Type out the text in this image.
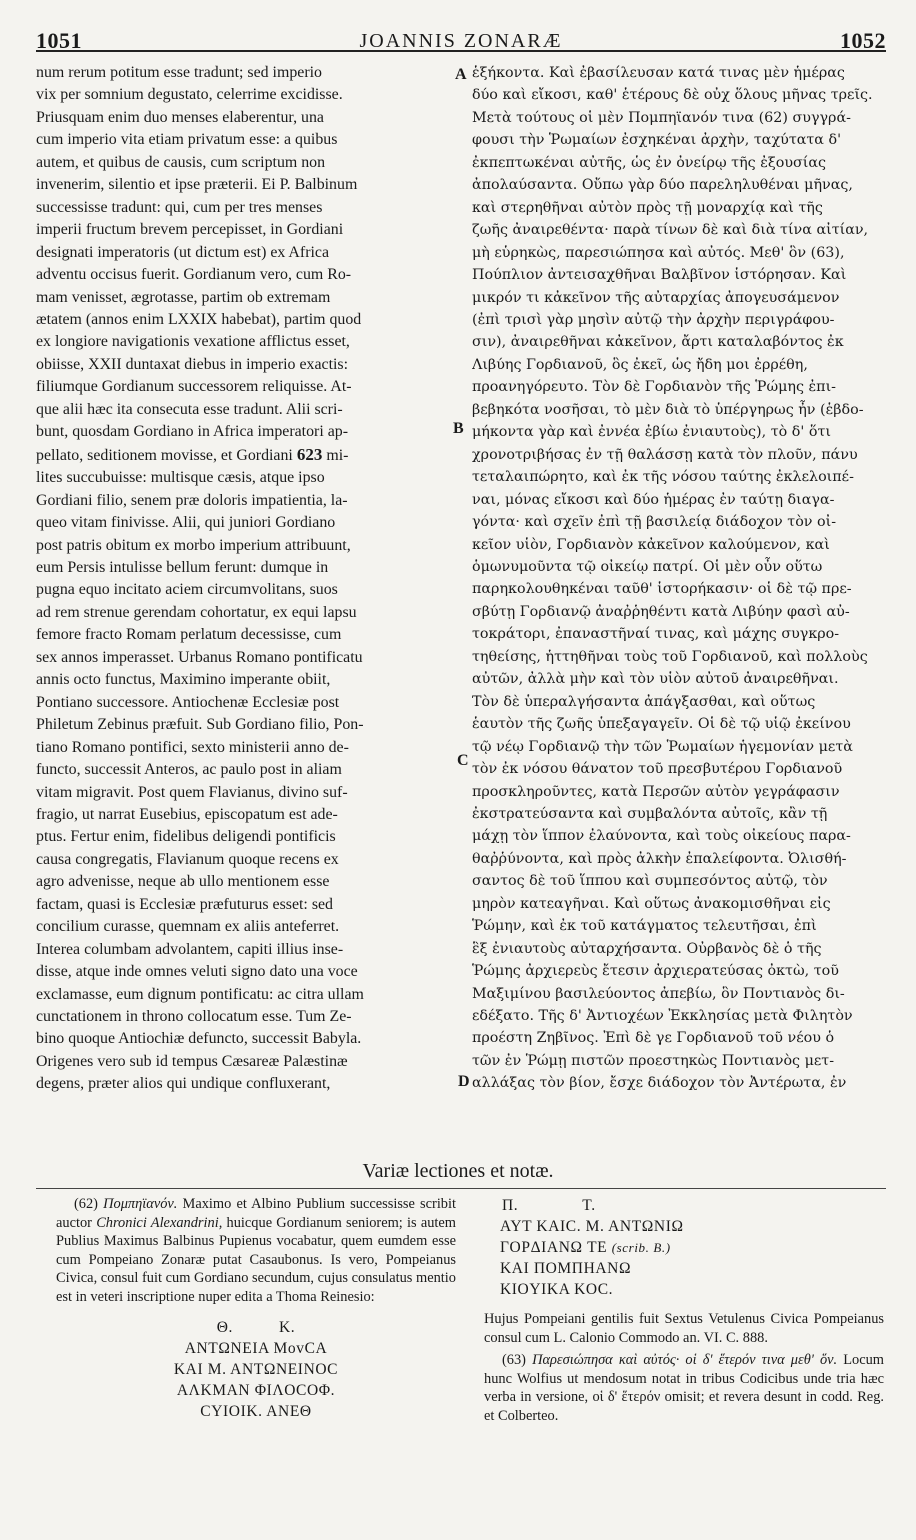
1051	JOANNIS ZONARÆ	1052

num rerum potitum esse tradunt; sed imperio

vix per somnium degustato, celerrime excidisse.

Priusquam enim duo menses elaberentur, una

cum imperio vita etiam privatum esse: a quibus

autem, et quibus de causis, cum scriptum non

invenerim, silentio et ipse præterii. Ei P. Balbinum

successisse tradunt: qui, cum per tres menses

imperii fructum brevem percepisset, in Gordiani

designati imperatoris (ut dictum est) ex Africa

adventu occisus fuerit. Gordianum vero, cum Ro-

mam venisset, ægrotasse, partim ob extremam

ætatem (annos enim LXXIX habebat), partim quod

ex longiore navigationis vexatione afflictus esset,

obiisse, XXII duntaxat diebus in imperio exactis:

filiumque Gordianum successorem reliquisse. At-

que alii hæc ita consecuta esse tradunt. Alii scri-

bunt, quosdam Gordiano in Africa imperatori ap-

pellato, seditionem movisse, et Gordiani 623 mi-

lites succubuisse: multisque cæsis, atque ipso

Gordiani filio, senem præ doloris impatientia, la-

queo vitam finivisse. Alii, qui juniori Gordiano

post patris obitum ex morbo imperium attribuunt,

eum Persis intulisse bellum ferunt: dumque in

pugna equo incitato aciem circumvolitans, suos

ad rem strenue gerendam cohortatur, ex equi lapsu

femore fracto Romam perlatum decessisse, cum

sex annos imperasset. Urbanus Romano pontificatu

annis octo functus, Maximino imperante obiit,

Pontiano successore. Antiochenæ Ecclesiæ post

Philetum Zebinus præfuit. Sub Gordiano filio, Pon-

tiano Romano pontifici, sexto ministerii anno de-

functo, successit Anteros, ac paulo post in aliam

vitam migravit. Post quem Flavianus, divino suf-

fragio, ut narrat Eusebius, episcopatum est ade-

ptus. Fertur enim, fidelibus deligendi pontificis

causa congregatis, Flavianum quoque recens ex

agro advenisse, neque ab ullo mentionem esse

factam, quasi is Ecclesiæ præfuturus esset: sed

concilium curasse, quemnam ex aliis anteferret.

Interea columbam advolantem, capiti illius inse-

disse, atque inde omnes veluti signo dato una voce

exclamasse, eum dignum pontificatu: ac citra ullam

cunctationem in throno collocatum esse. Tum Ze-

bino quoque Antiochiæ defuncto, successit Babyla.

Origenes vero sub id tempus Cæsareæ Palæstinæ

degens, præter alios qui undique confluxerant,

A
B
C
D

ἑξήκοντα. Καὶ ἐβασίλευσαν κατά τινας μὲν ἡμέρας

δύο καὶ εἴκοσι, καθ' ἑτέρους δὲ οὐχ ὅλους μῆνας τρεῖς.

Μετὰ τούτους οἱ μὲν Πομπηϊανόν τινα (62) συγγρά-

φουσι τὴν Ῥωμαίων ἐσχηκέναι ἀρχὴν, ταχύτατα δ'

ἐκπεπτωκέναι αὐτῆς, ὡς ἐν ὀνείρῳ τῆς ἐξουσίας

ἀπολαύσαντα. Οὔπω γὰρ δύο παρεληλυθέναι μῆνας,

καὶ στερηθῆναι αὐτὸν πρὸς τῇ μοναρχίᾳ καὶ τῆς

ζωῆς ἀναιρεθέντα· παρὰ τίνων δὲ καὶ διὰ τίνα αἰτίαν,

μὴ εὑρηκὼς, παρεσιώπησα καὶ αὐτός. Μεθ' ὃν (63),

Πούπλιον ἀντεισαχθῆναι Βαλβῖνον ἱστόρησαν. Καὶ

μικρόν τι κἀκεῖνον τῆς αὐταρχίας ἀπογευσάμενον

(ἐπὶ τρισὶ γὰρ μησὶν αὐτῷ τὴν ἀρχὴν περιγράφου-

σιν), ἀναιρεθῆναι κἀκεῖνον, ἄρτι καταλαβόντος ἐκ

Λιβύης Γορδιανοῦ, ὃς ἐκεῖ, ὡς ἤδη μοι ἐρρέθη,

προανηγόρευτο. Τὸν δὲ Γορδιανὸν τῆς Ῥώμης ἐπι-

βεβηκότα νοσῆσαι, τὸ μὲν διὰ τὸ ὑπέργηρως ἦν (ἑβδο-

μήκοντα γὰρ καὶ ἐννέα ἐβίω ἐνιαυτοὺς), τὸ δ' ὅτι

χρονοτριβήσας ἐν τῇ θαλάσσῃ κατὰ τὸν πλοῦν, πάνυ

τεταλαιπώρητο, καὶ ἐκ τῆς νόσου ταύτης ἐκλελοιπέ-

ναι, μόνας εἴκοσι καὶ δύο ἡμέρας ἐν ταύτῃ διαγα-

γόντα· καὶ σχεῖν ἐπὶ τῇ βασιλείᾳ διάδοχον τὸν οἰ-

κεῖον υἱὸν, Γορδιανὸν κἀκεῖνον καλούμενον, καὶ

ὁμωνυμοῦντα τῷ οἰκείῳ πατρί. Οἱ μὲν οὖν οὕτω

παρηκολουθηκέναι ταῦθ' ἱστορήκασιν· οἱ δὲ τῷ πρε-

σβύτῃ Γορδιανῷ ἀναῤῥηθέντι κατὰ Λιβύην φασὶ αὐ-

τοκράτορι, ἐπαναστῆναί τινας, καὶ μάχης συγκρο-

τηθείσης, ἡττηθῆναι τοὺς τοῦ Γορδιανοῦ, καὶ πολλοὺς

αὐτῶν, ἀλλὰ μὴν καὶ τὸν υἱὸν αὐτοῦ ἀναιρεθῆναι.

Τὸν δὲ ὑπεραλγήσαντα ἀπάγξασθαι, καὶ οὕτως

ἑαυτὸν τῆς ζωῆς ὑπεξαγαγεῖν. Οἱ δὲ τῷ υἱῷ ἐκείνου

τῷ νέῳ Γορδιανῷ τὴν τῶν Ῥωμαίων ἡγεμονίαν μετὰ

τὸν ἐκ νόσου θάνατον τοῦ πρεσβυτέρου Γορδιανοῦ

προσκληροῦντες, κατὰ Περσῶν αὐτὸν γεγράφασιν

ἐκστρατεύσαντα καὶ συμβαλόντα αὐτοῖς, κἂν τῇ

μάχῃ τὸν ἵππον ἐλαύνοντα, καὶ τοὺς οἰκείους παρα-

θαῤῥύνοντα, καὶ πρὸς ἀλκὴν ἐπαλείφοντα. Ὀλισθή-

σαντος δὲ τοῦ ἵππου καὶ συμπεσόντος αὐτῷ, τὸν

μηρὸν κατεαγῆναι. Καὶ οὕτως ἀνακομισθῆναι εἰς

Ῥώμην, καὶ ἐκ τοῦ κατάγματος τελευτῆσαι, ἐπὶ

ἓξ ἐνιαυτοὺς αὐταρχήσαντα. Οὐρβανὸς δὲ ὁ τῆς

Ῥώμης ἀρχιερεὺς ἔτεσιν ἀρχιερατεύσας ὀκτὼ, τοῦ

Μαξιμίνου βασιλεύοντος ἀπεβίω, ὃν Ποντιανὸς δι-

εδέξατο. Τῆς δ' Ἀντιοχέων Ἐκκλησίας μετὰ Φιλητὸν

προέστη Ζηβῖνος. Ἐπὶ δὲ γε Γορδιανοῦ τοῦ νέου ὁ

τῶν ἐν Ῥώμῃ πιστῶν προεστηκὼς Ποντιανὸς μετ-

αλλάξας τὸν βίον, ἔσχε διάδοχον τὸν Ἀντέρωτα, ἐν

Variæ lectiones et notæ.

(62) Πομπηϊανόν. Maximo et Albino Publium successisse scribit auctor Chronici Alexandrini, huicque Gordianum seniorem; is autem Publius Maximus Balbinus Pupienus vocabatur, quem eumdem esse cum Pompeiano Zonaræ putat Casaubonus. Is vero, Pompeianus Civica, consul fuit cum Gordiano secundum, cujus consulatus mentio est in veteri inscriptione nuper edita a Thoma Reinesio:

Θ.	K.
ANTΩNEIA MovCA
KAI M. ANTΩNEINOC
AΛKMAN ΦIΛOCOΦ.
CYIOIK. ANEΘ
Π.	T.
AYT KAIC. M. ANTΩNIΩ
ΓOPΔIANΩ TE (scrib. B.)
KAI ΠOMΠHANΩ
KIOYIKA KOC.

Hujus Pompeiani gentilis fuit Sextus Vetulenus Civica Pompeianus consul cum L. Calonio Commodo an. VI. C. 888.

(63) Παρεσιώπησα καὶ αὐτός· οἱ δ' ἕτερόν τινα μεθ' ὅν. Locum hunc Wolfius ut mendosum notat in tribus Codicibus unde tria hæc verba in versione, οἱ δ' ἕτερόν omisit; et revera desunt in codd. Reg. et Colberteo.
